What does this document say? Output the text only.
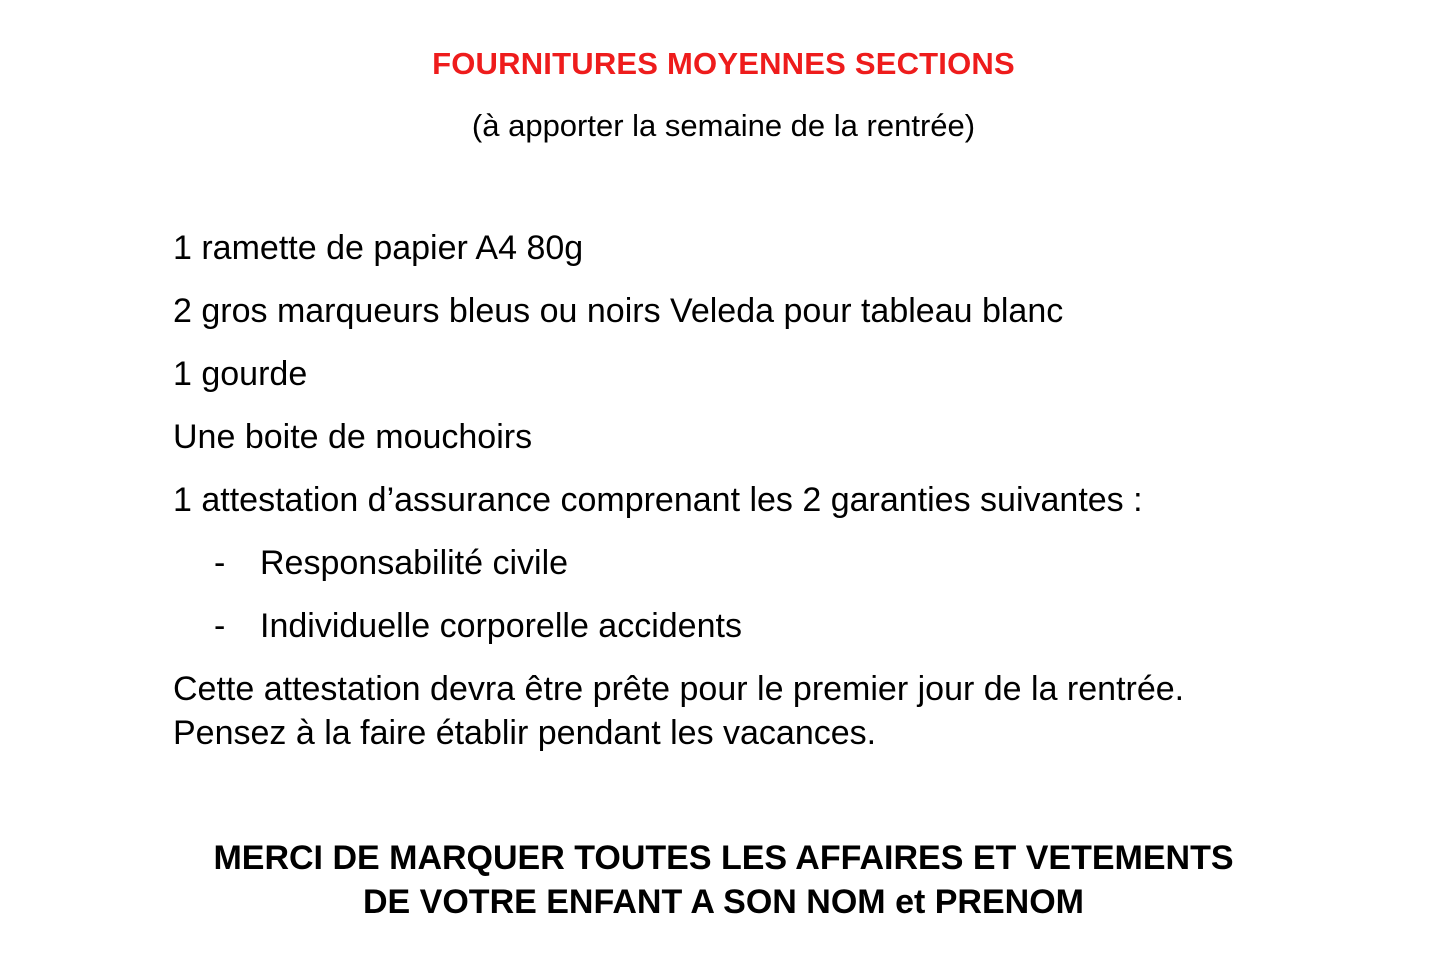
FOURNITURES MOYENNES SECTIONS
(à apporter la semaine de la rentrée)
1 ramette de papier A4 80g
2 gros marqueurs bleus ou noirs Veleda pour tableau blanc
1 gourde
Une boite de mouchoirs
1 attestation d’assurance comprenant les 2 garanties suivantes :
- Responsabilité civile
- Individuelle corporelle accidents
Cette attestation devra être prête pour le premier jour de la rentrée.
Pensez à la faire établir pendant les vacances.
MERCI DE MARQUER TOUTES LES AFFAIRES ET VETEMENTS
DE VOTRE ENFANT A SON NOM et PRENOM
